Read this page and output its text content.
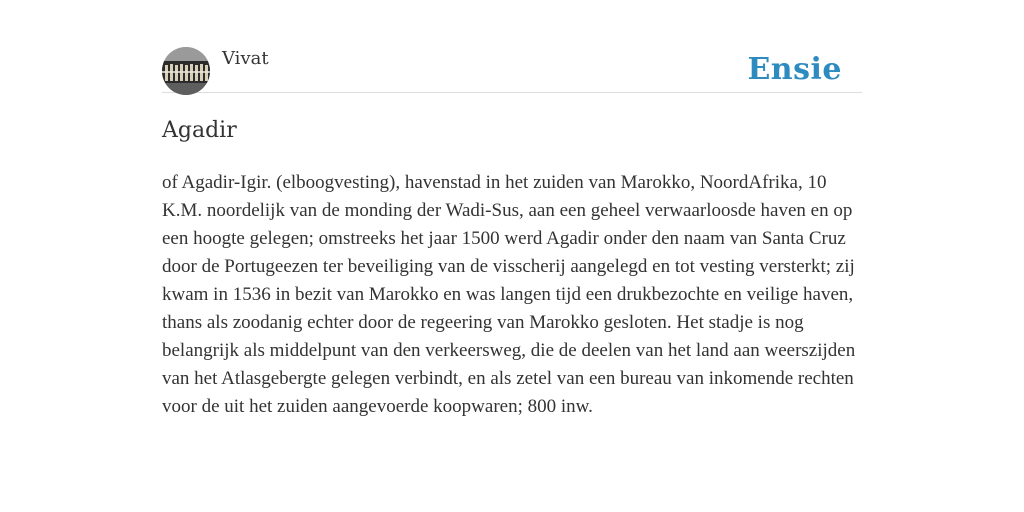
Vivat	Ensie
Agadir

of Agadir-Igir. (elboogvesting), havenstad in het zuiden van Marokko, NoordAfrika, 10 K.M. noordelijk van de monding der Wadi-Sus, aan een geheel verwaarloosde haven en op een hoogte gelegen; omstreeks het jaar 1500 werd Agadir onder den naam van Santa Cruz door de Portugeezen ter beveiliging van de visscherij aangelegd en tot vesting versterkt; zij kwam in 1536 in bezit van Marokko en was langen tijd een drukbezochte en veilige haven, thans als zoodanig echter door de regeering van Marokko gesloten. Het stadje is nog belangrijk als middelpunt van den verkeersweg, die de deelen van het land aan weerszijden van het Atlasgebergte gelegen verbindt, en als zetel van een bureau van inkomende rechten voor de uit het zuiden aangevoerde koopwaren; 800 inw.
